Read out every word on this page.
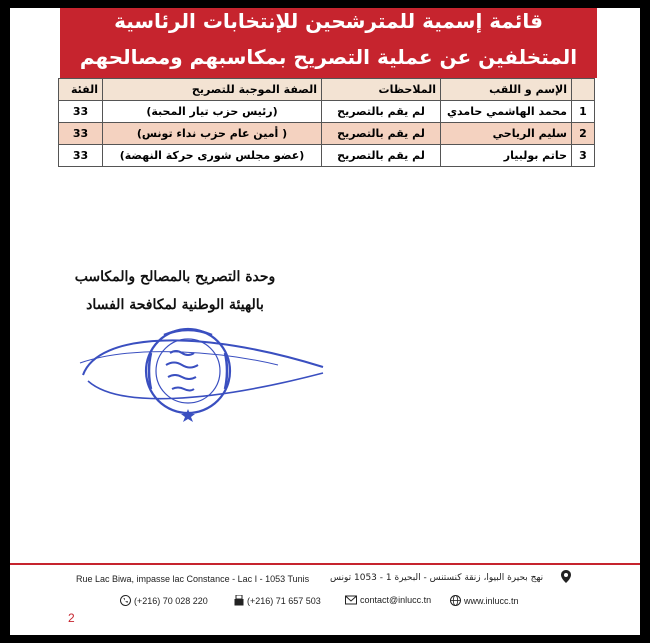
قائمة إسمية للمترشحين للإنتخابات الرئاسية
المتخلفين عن عملية التصريح بمكاسبهم ومصالحهم
	الإسم و اللقب	الملاحظات	الصفة الموجبة للتصريح	الفئة
1	محمد الهاشمي حامدي	لم يقم بالتصريح	(رئيس حزب تيار المحبة)	33
2	سليم الرياحي	لم يقم بالتصريح	( أمين عام حزب نداء تونس)	33
3	حاتم بولبيار	لم يقم بالتصريح	(عضو مجلس شورى حركة النهضة)	33
وحدة التصريح بالمصالح والمكاسب
بالهيئة الوطنية لمكافحة الفساد
Rue Lac Biwa, impasse lac Constance - Lac I - 1053 Tunis نهج بحيرة البيوا، زنقة كنستنس - البحيرة 1 - 1053 تونس
(+216) 70 028 220	(+216) 71 657 503	contact@inlucc.tn	www.inlucc.tn
2
